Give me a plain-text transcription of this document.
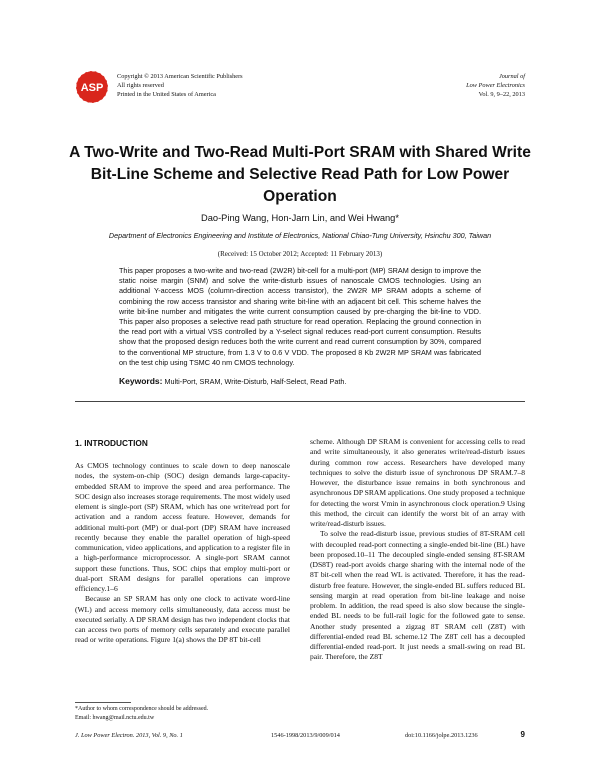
ASP
Copyright © 2013 American Scientific Publishers
All rights reserved
Printed in the United States of America
Journal of
Low Power Electronics
Vol. 9, 9–22, 2013
A Two-Write and Two-Read Multi-Port SRAM with Shared Write Bit-Line Scheme and Selective Read Path for Low Power Operation
Dao-Ping Wang, Hon-Jarn Lin, and Wei Hwang*
Department of Electronics Engineering and Institute of Electronics, National Chiao-Tung University, Hsinchu 300, Taiwan
(Received: 15 October 2012; Accepted: 11 February 2013)
This paper proposes a two-write and two-read (2W2R) bit-cell for a multi-port (MP) SRAM design to improve the static noise margin (SNM) and solve the write-disturb issues of nanoscale CMOS technologies. Using an additional Y-access MOS (column-direction access transistor), the 2W2R MP SRAM adopts a scheme of combining the row access transistor and sharing write bit-line with an adjacent bit cell. This scheme halves the write bit-line number and mitigates the write current consumption caused by pre-charging the bit-line to VDD. This paper also proposes a selective read path structure for read operation. Replacing the ground connection in the read port with a virtual VSS controlled by a Y-select signal reduces read-port current consumption. Results show that the proposed design reduces both the write current and read current consumption by 30%, compared to the conventional MP structure, from 1.3 V to 0.6 V VDD. The proposed 8 Kb 2W2R MP SRAM was fabricated on the test chip using TSMC 40 nm CMOS technology.
Keywords: Multi-Port, SRAM, Write-Disturb, Half-Select, Read Path.
1. INTRODUCTION

As CMOS technology continues to scale down to deep nanoscale nodes, the system-on-chip (SOC) design demands large-capacity-embedded SRAM to improve the speed and area performance. The SOC design also increases storage requirements. The most widely used element is single-port (SP) SRAM, which has one write/read port for activation and a random access feature. However, demands for additional multi-port (MP) or dual-port (DP) SRAM have increased recently because they enable the parallel operation of high-speed communication, video applications, and application to a register file in a high-performance microprocessor. A single-port SRAM cannot support these functions. Thus, SOC chips that employ multi-port or dual-port SRAM designs for parallel operations can improve efficiency.1–6

Because an SP SRAM has only one clock to activate word-line (WL) and access memory cells simultaneously, data access must be executed serially. A DP SRAM design has two independent clocks that can access two ports of memory cells separately and execute parallel read or write operations. Figure 1(a) shows the DP 8T bit-cell

scheme. Although DP SRAM is convenient for accessing cells to read and write simultaneously, it also generates write/read-disturb issues during common row access. Researchers have developed many techniques to solve the disturb issue of synchronous DP SRAM.7–8 However, the disturbance issue remains in both synchronous and asynchronous DP SRAM applications. One study proposed a technique for detecting the worst Vmin in asynchronous clock operation.9 Using this method, the circuit can identify the worst bit of an array with write/read-disturb issues.

To solve the read-disturb issue, previous studies of 8T-SRAM cell with decoupled read-port connecting a single-ended bit-line (BL) have been proposed.10–11 The decoupled single-ended sensing 8T-SRAM (DS8T) read-port avoids charge sharing with the internal node of the 8T bit-cell when the read WL is activated. Therefore, it has the read-disturb free feature. However, the single-ended BL suffers reduced BL sensing margin at read operation from bit-line leakage and noise problem. In addition, the read speed is also slow because the single-ended BL needs to be full-rail logic for the followed gate to sense. Another study presented a zigzag 8T SRAM cell (Z8T) with differential-ended read BL scheme.12 The Z8T cell has a decoupled differential-ended read-port. It just needs a small-swing on read BL pair. Therefore, the Z8T

*Author to whom correspondence should be addressed.
Email: hwang@mail.nctu.edu.tw
J. Low Power Electron. 2013, Vol. 9, No. 1	1546-1998/2013/9/009/014	doi:10.1166/jolpe.2013.1236	9
